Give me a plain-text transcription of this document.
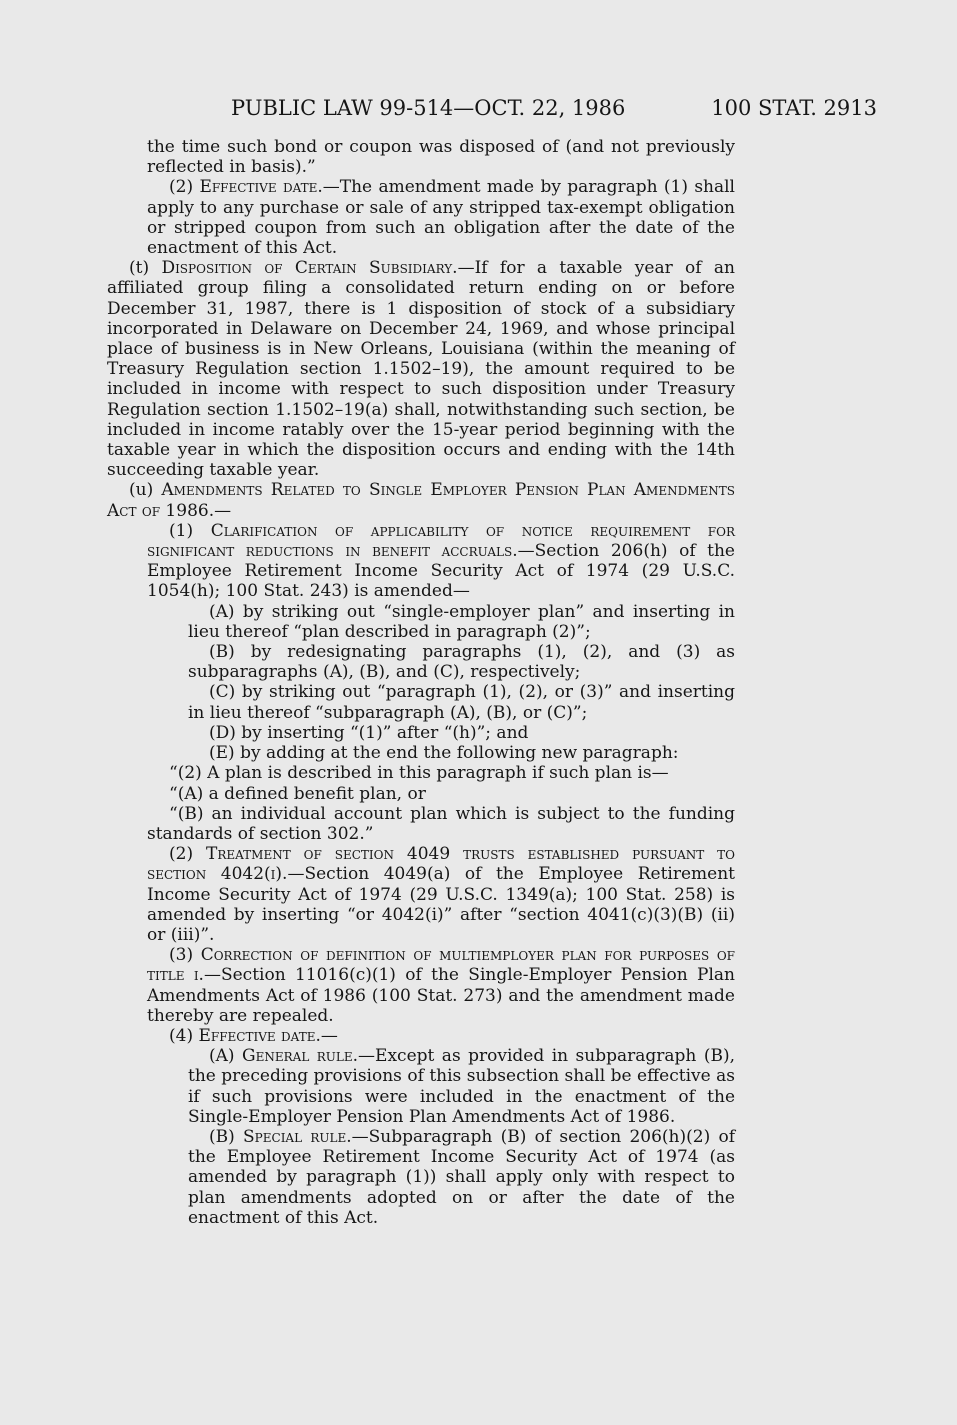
PUBLIC LAW 99-514—OCT. 22, 1986	100 STAT. 2913

the time such bond or coupon was disposed of (and not previously reflected in basis).”

(2) Effective date.—The amendment made by paragraph (1) shall apply to any purchase or sale of any stripped tax-exempt obligation or stripped coupon from such an obligation after the date of the enactment of this Act.

(t) Disposition of Certain Subsidiary.—If for a taxable year of an affiliated group filing a consolidated return ending on or before December 31, 1987, there is 1 disposition of stock of a subsidiary incorporated in Delaware on December 24, 1969, and whose principal place of business is in New Orleans, Louisiana (within the meaning of Treasury Regulation section 1.1502–19), the amount required to be included in income with respect to such disposition under Treasury Regulation section 1.1502–19(a) shall, notwithstanding such section, be included in income ratably over the 15-year period beginning with the taxable year in which the disposition occurs and ending with the 14th succeeding taxable year.

(u) Amendments Related to Single Employer Pension Plan Amendments Act of 1986.—

(1) Clarification of applicability of notice requirement for significant reductions in benefit accruals.—Section 206(h) of the Employee Retirement Income Security Act of 1974 (29 U.S.C. 1054(h); 100 Stat. 243) is amended—

(A) by striking out “single-employer plan” and inserting in lieu thereof “plan described in paragraph (2)”;

(B) by redesignating paragraphs (1), (2), and (3) as subparagraphs (A), (B), and (C), respectively;

(C) by striking out “paragraph (1), (2), or (3)” and inserting in lieu thereof “subparagraph (A), (B), or (C)”;

(D) by inserting “(1)” after “(h)”; and

(E) by adding at the end the following new paragraph:

“(2) A plan is described in this paragraph if such plan is—

“(A) a defined benefit plan, or

“(B) an individual account plan which is subject to the funding standards of section 302.”

(2) Treatment of section 4049 trusts established pursuant to section 4042(i).—Section 4049(a) of the Employee Retirement Income Security Act of 1974 (29 U.S.C. 1349(a); 100 Stat. 258) is amended by inserting “or 4042(i)” after “section 4041(c)(3)(B) (ii) or (iii)”.

(3) Correction of definition of multiemployer plan for purposes of title i.—Section 11016(c)(1) of the Single-Employer Pension Plan Amendments Act of 1986 (100 Stat. 273) and the amendment made thereby are repealed.

(4) Effective date.—

(A) General rule.—Except as provided in subparagraph (B), the preceding provisions of this subsection shall be effective as if such provisions were included in the enactment of the Single-Employer Pension Plan Amendments Act of 1986.

(B) Special rule.—Subparagraph (B) of section 206(h)(2) of the Employee Retirement Income Security Act of 1974 (as amended by paragraph (1)) shall apply only with respect to plan amendments adopted on or after the date of the enactment of this Act.
